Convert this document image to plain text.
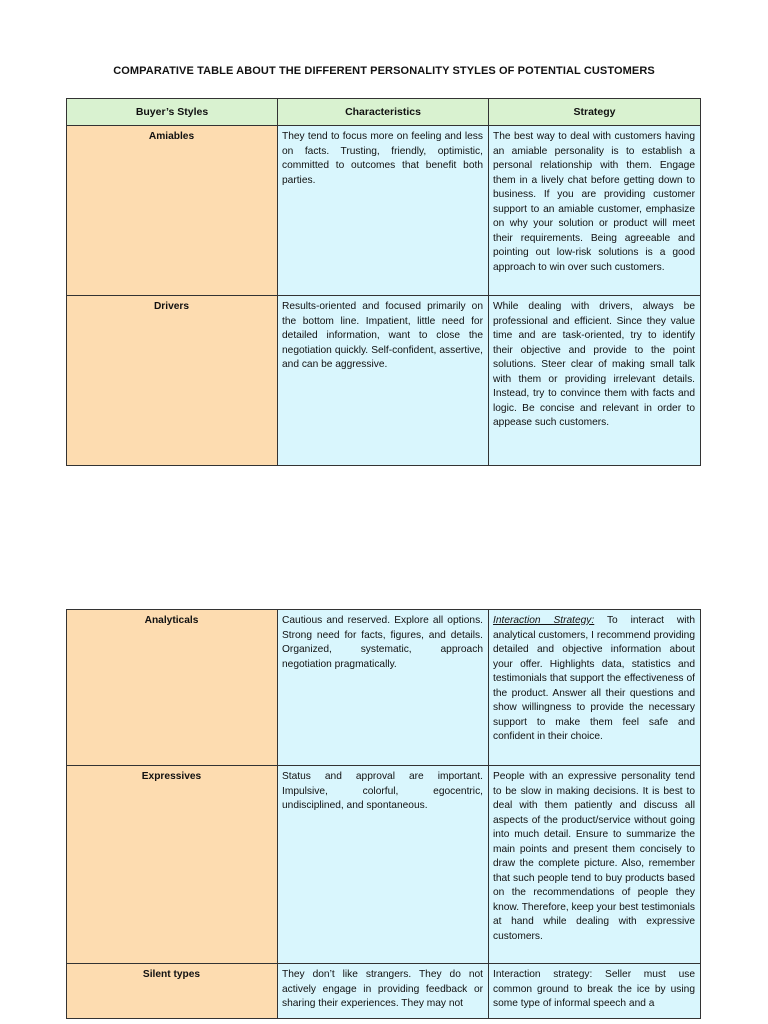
COMPARATIVE TABLE ABOUT THE DIFFERENT PERSONALITY STYLES OF POTENTIAL CUSTOMERS
Buyer’s Styles	Characteristics	Strategy
Amiables	They tend to focus more on feeling and less on facts. Trusting, friendly, optimistic, committed to outcomes that benefit both parties.	The best way to deal with customers having an amiable personality is to establish a personal relationship with them. Engage them in a lively chat before getting down to business. If you are providing customer support to an amiable customer, emphasize on why your solution or product will meet their requirements. Being agreeable and pointing out low-risk solutions is a good approach to win over such customers.
Drivers	Results-oriented and focused primarily on the bottom line. Impatient, little need for detailed information, want to close the negotiation quickly. Self-confident, assertive, and can be aggressive.	While dealing with drivers, always be professional and efficient. Since they value time and are task-oriented, try to identify their objective and provide to the point solutions. Steer clear of making small talk with them or providing irrelevant details. Instead, try to convince them with facts and logic. Be concise and relevant in order to appease such customers.
Analyticals	Cautious and reserved. Explore all options. Strong need for facts, figures, and details. Organized, systematic, approach negotiation pragmatically.	Interaction Strategy: To interact with analytical customers, I recommend providing detailed and objective information about your offer. Highlights data, statistics and testimonials that support the effectiveness of the product. Answer all their questions and show willingness to provide the necessary support to make them feel safe and confident in their choice.
Expressives	Status and approval are important. Impulsive, colorful, egocentric, undisciplined, and spontaneous.	People with an expressive personality tend to be slow in making decisions. It is best to deal with them patiently and discuss all aspects of the product/service without going into much detail. Ensure to summarize the main points and present them concisely to draw the complete picture. Also, remember that such people tend to buy products based on the recommendations of people they know. Therefore, keep your best testimonials at hand while dealing with expressive customers.
Silent types	They don’t like strangers. They do not actively engage in providing feedback or sharing their experiences. They may not	Interaction strategy: Seller must use common ground to break the ice by using some type of informal speech and a
